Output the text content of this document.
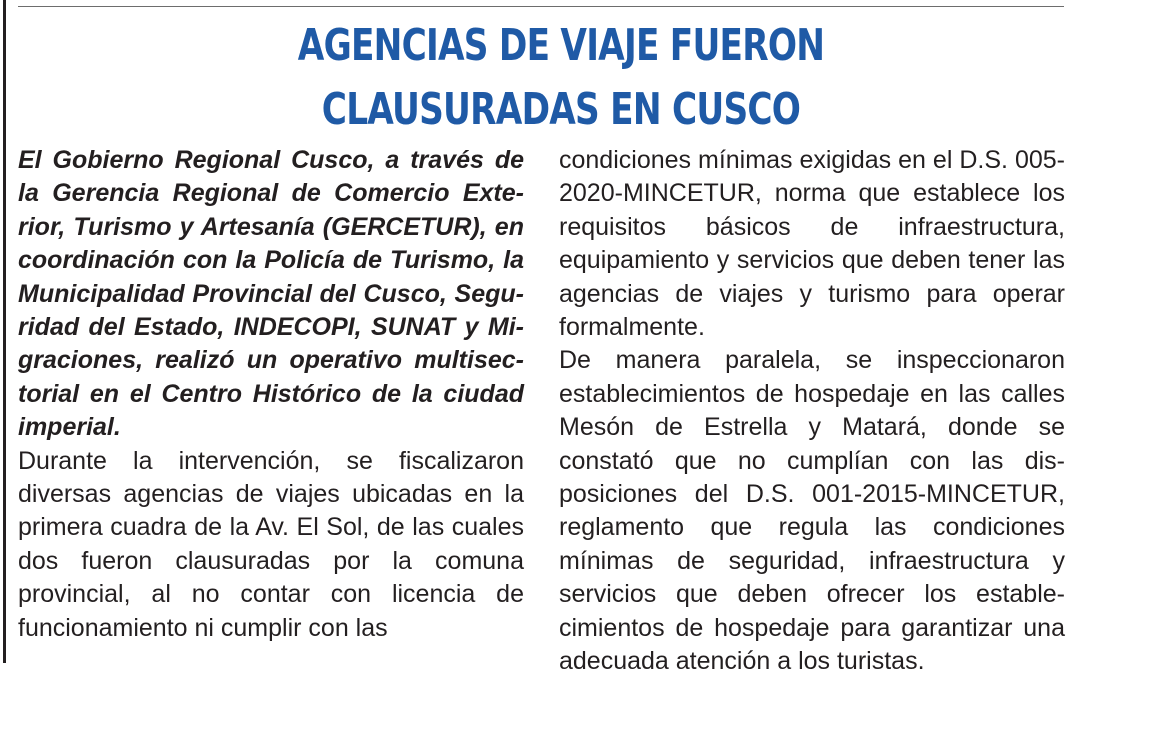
AGENCIAS DE VIAJE FUERON
CLAUSURADAS EN CUSCO

El Gobierno Regional Cusco, a través de la Gerencia Regional de Comercio Exterior, Turismo y Artesanía (GERCETUR), en coordinación con la Policía de Turismo, la Municipalidad Provincial del Cusco, Seguridad del Estado, INDECOPI, SUNAT y Migraciones, realizó un operativo multisectorial en el Centro Histórico de la ciudad imperial.

Durante la intervención, se fiscalizaron diversas agencias de viajes ubicadas en la primera cuadra de la Av. El Sol, de las cuales dos fueron clausuradas por la comuna provincial, al no contar con licencia de funcionamiento ni cumplir con las

condiciones mínimas exigidas en el D.S. 005-2020-MINCETUR, norma que establece los requisitos básicos de infraestructura, equipamiento y servicios que deben tener las agencias de viajes y turismo para operar formalmente.

De manera paralela, se inspeccionaron establecimientos de hospedaje en las calles Mesón de Estrella y Matará, donde se constató que no cumplían con las disposiciones del D.S. 001-2015-MINCETUR, reglamento que regula las condiciones mínimas de seguridad, infraestructura y servicios que deben ofrecer los establecimientos de hospedaje para garantizar una adecuada atención a los turistas.
